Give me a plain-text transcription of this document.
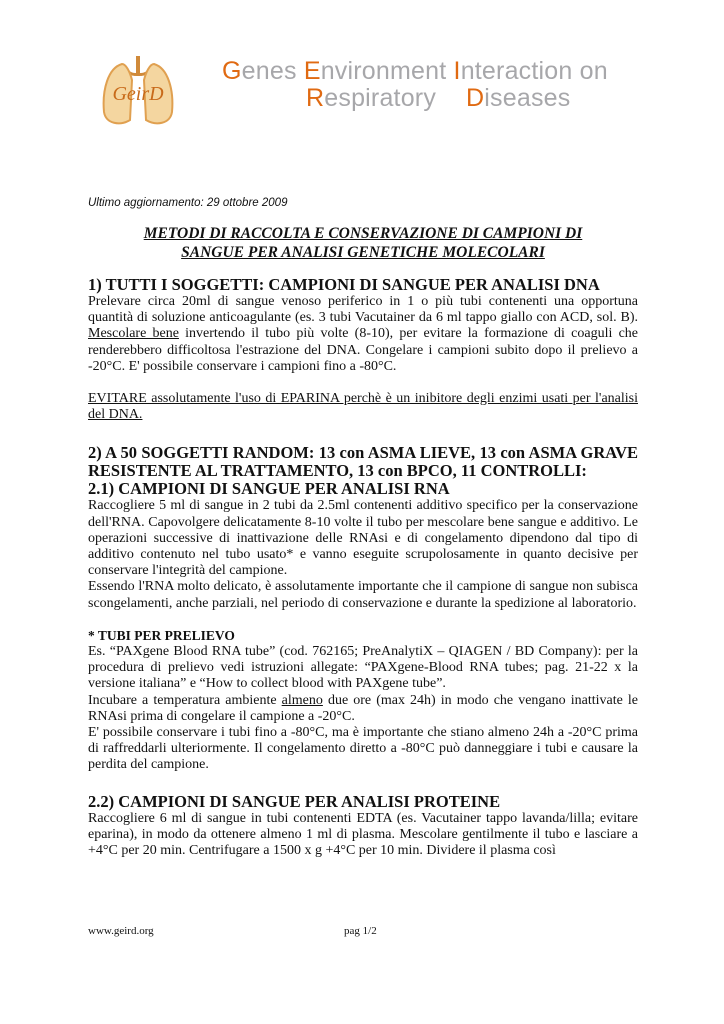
GeirD
Genes Environment Interaction on
Respiratory Diseases
Ultimo aggiornamento: 29 ottobre 2009
METODI DI RACCOLTA E CONSERVAZIONE DI CAMPIONI DI
SANGUE PER ANALISI GENETICHE MOLECOLARI
1) TUTTI I SOGGETTI: CAMPIONI DI SANGUE PER ANALISI DNA

Prelevare circa 20ml di sangue venoso periferico in 1 o più tubi contenenti una opportuna quantità di soluzione anticoagulante (es. 3 tubi Vacutainer da 6 ml tappo giallo con ACD, sol. B). Mescolare bene invertendo il tubo più volte (8-10), per evitare la formazione di coaguli che renderebbero difficoltosa l'estrazione del DNA. Congelare i campioni subito dopo il prelievo a -20°C. E' possibile conservare i campioni fino a -80°C.

EVITARE assolutamente l'uso di EPARINA perchè è un inibitore degli enzimi usati per l'analisi del DNA.

2) A 50 SOGGETTI RANDOM: 13 con ASMA LIEVE, 13 con ASMA GRAVE RESISTENTE AL TRATTAMENTO, 13 con BPCO, 11 CONTROLLI:
2.1) CAMPIONI DI SANGUE PER ANALISI RNA

Raccogliere 5 ml di sangue in 2 tubi da 2.5ml contenenti additivo specifico per la conservazione dell'RNA. Capovolgere delicatamente 8-10 volte il tubo per mescolare bene sangue e additivo. Le operazioni successive di inattivazione delle RNAsi e di congelamento dipendono dal tipo di additivo contenuto nel tubo usato* e vanno eseguite scrupolosamente in quanto decisive per conservare l'integrità del campione.

Essendo l'RNA molto delicato, è assolutamente importante che il campione di sangue non subisca scongelamenti, anche parziali, nel periodo di conservazione e durante la spedizione al laboratorio.

* TUBI PER PRELIEVO

Es. “PAXgene Blood RNA tube” (cod. 762165; PreAnalytiX – QIAGEN / BD Company): per la procedura di prelievo vedi istruzioni allegate: “PAXgene-Blood RNA tubes; pag. 21-22 x la versione italiana” e “How to collect blood with PAXgene tube”.

Incubare a temperatura ambiente almeno due ore (max 24h) in modo che vengano inattivate le RNAsi prima di congelare il campione a -20°C.

E' possibile conservare i tubi fino a -80°C, ma è importante che stiano almeno 24h a -20°C prima di raffreddarli ulteriormente. Il congelamento diretto a -80°C può danneggiare i tubi e causare la perdita del campione.

2.2) CAMPIONI DI SANGUE PER ANALISI PROTEINE

Raccogliere 6 ml di sangue in tubi contenenti EDTA (es. Vacutainer tappo lavanda/lilla; evitare eparina), in modo da ottenere almeno 1 ml di plasma. Mescolare gentilmente il tubo e lasciare a +4°C per 20 min. Centrifugare a 1500 x g +4°C per 10 min. Dividere il plasma così

www.geird.org	pag 1/2
